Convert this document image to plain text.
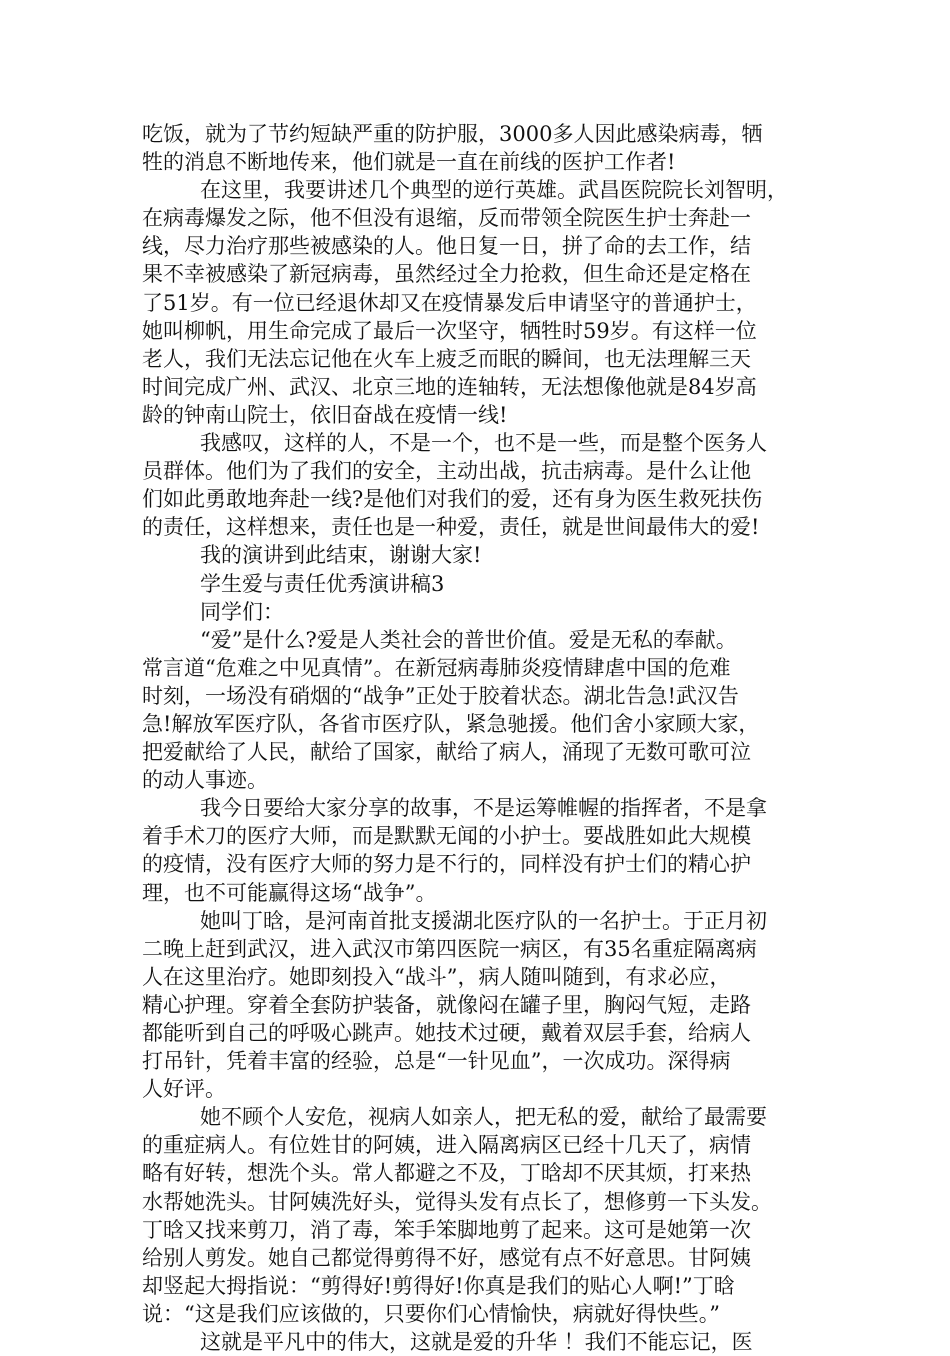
吃饭，就为了节约短缺严重的防护服，3000多人因此感染病毒，牺
牲的消息不断地传来，他们就是一直在前线的医护工作者!
在这里，我要讲述几个典型的逆行英雄。武昌医院院长刘智明，
在病毒爆发之际，他不但没有退缩，反而带领全院医生护士奔赴一
线，尽力治疗那些被感染的人。他日复一日，拼了命的去工作，结
果不幸被感染了新冠病毒，虽然经过全力抢救，但生命还是定格在
了51岁。有一位已经退休却又在疫情暴发后申请坚守的普通护士，
她叫柳帆，用生命完成了最后一次坚守，牺牲时59岁。有这样一位
老人，我们无法忘记他在火车上疲乏而眠的瞬间，也无法理解三天
时间完成广州、武汉、北京三地的连轴转，无法想像他就是84岁高
龄的钟南山院士，依旧奋战在疫情一线!
我感叹，这样的人，不是一个，也不是一些，而是整个医务人
员群体。他们为了我们的安全，主动出战，抗击病毒。是什么让他
们如此勇敢地奔赴一线?是他们对我们的爱，还有身为医生救死扶伤
的责任，这样想来，责任也是一种爱，责任，就是世间最伟大的爱!
我的演讲到此结束，谢谢大家!
学生爱与责任优秀演讲稿3
同学们：
“爱”是什么?爱是人类社会的普世价值。爱是无私的奉献。
常言道“危难之中见真情”。在新冠病毒肺炎疫情肆虐中国的危难
时刻，一场没有硝烟的“战争”正处于胶着状态。湖北告急!武汉告
急!解放军医疗队，各省市医疗队，紧急驰援。他们舍小家顾大家，
把爱献给了人民，献给了国家，献给了病人，涌现了无数可歌可泣
的动人事迹。
我今日要给大家分享的故事，不是运筹帷幄的指挥者，不是拿
着手术刀的医疗大师，而是默默无闻的小护士。要战胜如此大规模
的疫情，没有医疗大师的努力是不行的，同样没有护士们的精心护
理，也不可能赢得这场“战争”。
她叫丁晗，是河南首批支援湖北医疗队的一名护士。于正月初
二晚上赶到武汉，进入武汉市第四医院一病区，有35名重症隔离病
人在这里治疗。她即刻投入“战斗”，病人随叫随到，有求必应，
精心护理。穿着全套防护装备，就像闷在罐子里，胸闷气短，走路
都能听到自己的呼吸心跳声。她技术过硬，戴着双层手套，给病人
打吊针，凭着丰富的经验，总是“一针见血”，一次成功。深得病
人好评。
她不顾个人安危，视病人如亲人，把无私的爱，献给了最需要
的重症病人。有位姓甘的阿姨，进入隔离病区已经十几天了，病情
略有好转，想洗个头。常人都避之不及，丁晗却不厌其烦，打来热
水帮她洗头。甘阿姨洗好头，觉得头发有点长了，想修剪一下头发。
丁晗又找来剪刀，消了毒，笨手笨脚地剪了起来。这可是她第一次
给别人剪发。她自己都觉得剪得不好，感觉有点不好意思。甘阿姨
却竖起大拇指说：“剪得好!剪得好!你真是我们的贴心人啊!”丁晗
说：“这是我们应该做的，只要你们心情愉快，病就好得快些。”
这就是平凡中的伟大，这就是爱的升华 ！我们不能忘记，医
